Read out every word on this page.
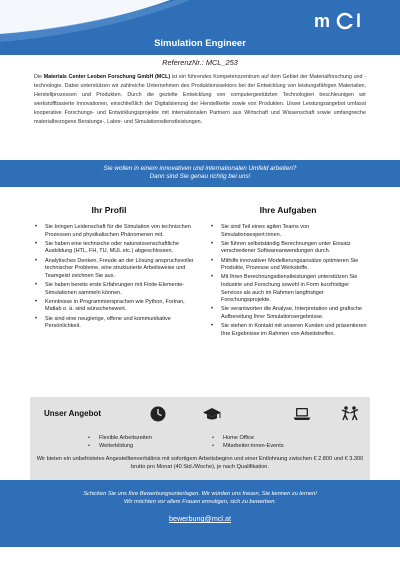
m l
Simulation Engineer
ReferenzNr.: MCL_253
Die Materials Center Leoben Forschung GmbH (MCL) ist ein führendes Kompetenzzentrum auf dem Gebiet der Materialforschung und -technologie. Dabei unterstützen wir zahlreiche Unternehmen des Produktionssektors bei der Entwicklung von leistungsfähigen Materialien, Herstellprozessen und Produkten. Durch die gezielte Entwicklung von computergestützten Technologien beschleunigen wir werkstoffbasierte Innovationen, einschließlich der Digitalisierung der Herstellkette sowie von Produkten. Unser Leistungsangebot umfasst kooperative Forschungs- und Entwicklungsprojekte mit internationalen Partnern aus Wirtschaft und Wissenschaft sowie umfangreiche materialbezogene Beratungs-, Labor- und Simulationsdienstleistungen.
Sie wollen in einem innovativen und internationalen Umfeld arbeiten?
Dann sind Sie genau richtig bei uns!
Ihr Profil	Ihre Aufgaben
• Sie bringen Leidenschaft für die Simulation von technischen Prozessen und physikalischen Phänomenen mit.
• Sie haben eine technische oder naturwissenschaftliche Ausbildung (HTL, FH, TU, MUL etc.) abgeschlossen.
• Analytisches Denken, Freude an der Lösung anspruchsvoller technischer Probleme, eine strukturierte Arbeitsweise und Teamgeist zeichnen Sie aus.
• Sie haben bereits erste Erfahrungen mit Finite-Elemente-Simulationen sammeln können.
• Kenntnisse in Programmiersprachen wie Python, Fortran, Matlab o. ä. sind wünschenswert.
• Sie sind eine neugierige, offene und kommunikative Persönlichkeit.
• Sie sind Teil eines agilen Teams von Simulationsexpert:innen.
• Sie führen selbstständig Berechnungen unter Einsatz verschiedener Softwareanwendungen durch.
• Mithilfe innovativer Modellierungsansätze optimieren Sie Produkte, Prozesse und Werkstoffe.
• Mit Ihren Berechnungsdienstleistungen unterstützen Sie Industrie und Forschung sowohl in Form kurzfristiger Services als auch im Rahmen langfristiger Forschungsprojekte.
• Sie verantworten die Analyse, Interpretation und grafische Aufbereitung Ihrer Simulationsergebnisse.
• Sie stehen in Kontakt mit unseren Kunden und präsentieren Ihre Ergebnisse im Rahmen von Arbeitstreffen.
Unser Angebot
• Flexible Arbeitszeiten
• Weiterbildung
• Home Office
• Mitarbeiter:innen-Events
Wir bieten ein unbefristetes Angestelltenverhältnis mit sofortigem Arbeitsbeginn und einer Entlohnung zwischen € 2.800 und € 3.300 brutto pro Monat (40 Std./Woche), je nach Qualifikation.
Schicken Sie uns Ihre Bewerbungsunterlagen. Wir würden uns freuen, Sie kennen zu lernen!
Wir möchten vor allem Frauen ermutigen, sich zu bewerben.
bewerbung@mcl.at
